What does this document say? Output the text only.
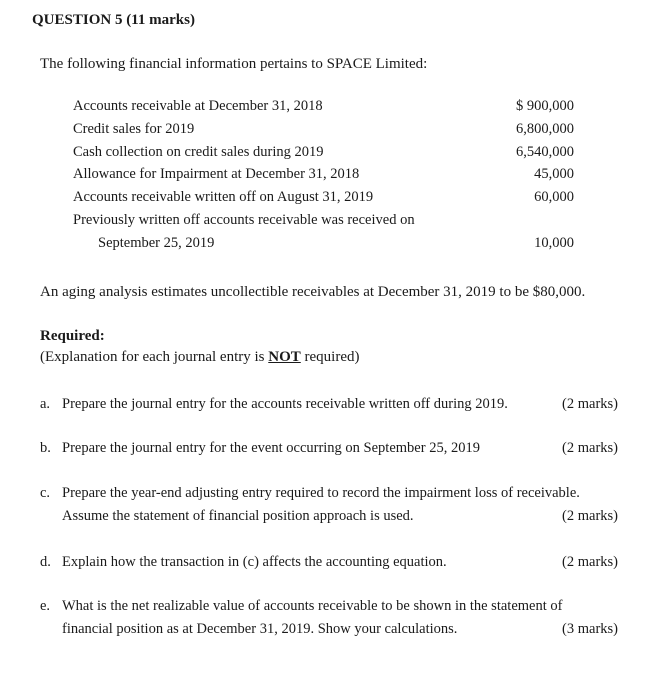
QUESTION 5 (11 marks)
The following financial information pertains to SPACE Limited:
Accounts receivable at December 31, 2018	$ 900,000
Credit sales for 2019	6,800,000
Cash collection on credit sales during 2019	6,540,000
Allowance for Impairment at December 31, 2018	45,000
Accounts receivable written off on August 31, 2019	60,000
Previously written off accounts receivable was received on
September 25, 2019	10,000
An aging analysis estimates uncollectible receivables at December 31, 2019 to be $80,000.
Required:
(Explanation for each journal entry is NOT required)
a. Prepare the journal entry for the accounts receivable written off during 2019.	(2 marks)
b. Prepare the journal entry for the event occurring on September 25, 2019	(2 marks)
c. Prepare the year-end adjusting entry required to record the impairment loss of receivable.
Assume the statement of financial position approach is used.	(2 marks)
d. Explain how the transaction in (c) affects the accounting equation.	(2 marks)
e. What is the net realizable value of accounts receivable to be shown in the statement of
financial position as at December 31, 2019. Show your calculations.	(3 marks)
